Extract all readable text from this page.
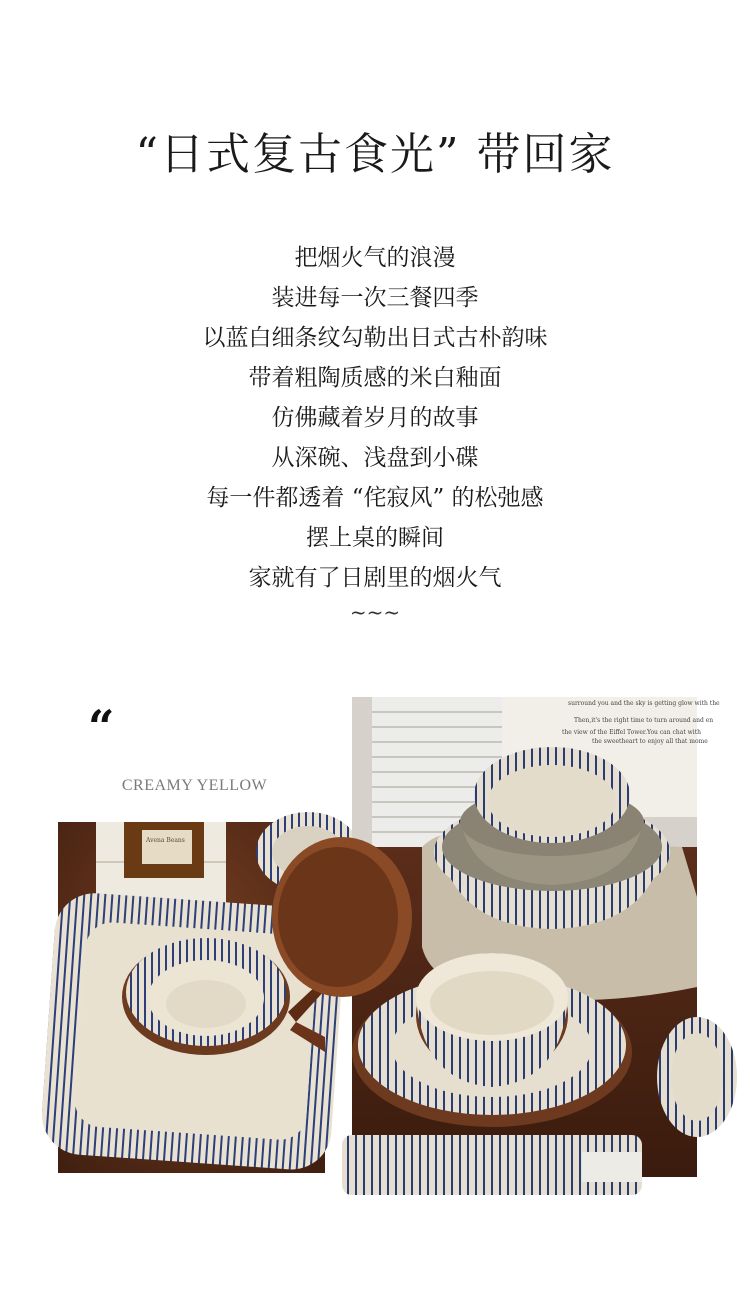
“日式复古食光” 带回家
把烟火气的浪漫
装进每一次三餐四季
以蓝白细条纹勾勒出日式古朴韵味
带着粗陶质感的米白釉面
仿佛藏着岁月的故事
从深碗、浅盘到小碟
每一件都透着 “侘寂风” 的松弛感
摆上桌的瞬间
家就有了日剧里的烟火气
~~~
“
CREAMY YELLOW
Avena Beans
surround you and the sky is getting glow with the
Then,it's the right time to turn around and en
the view of the Eiffel Tower.You can chat with
the sweetheart to enjoy all that mome
